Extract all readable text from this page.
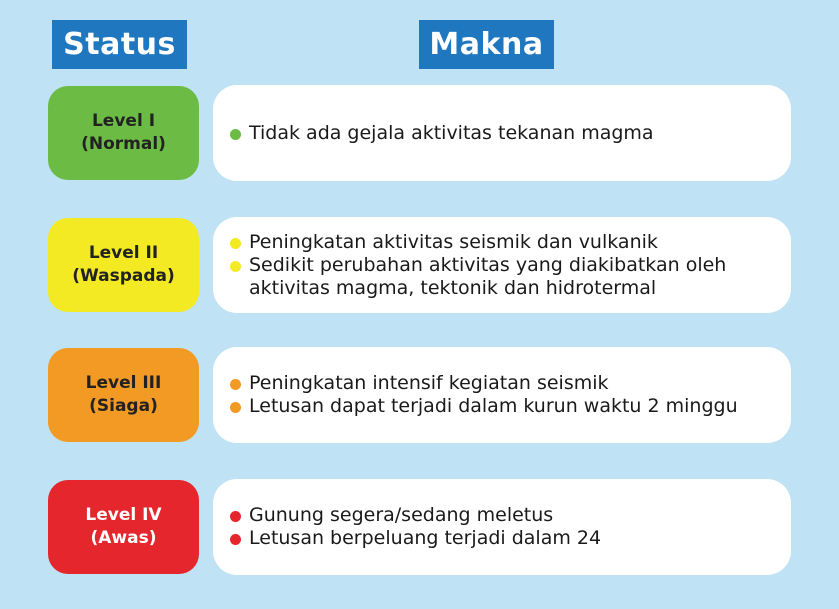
Status	Makna
Level I
(Normal)
Tidak ada gejala aktivitas tekanan magma
Level II
(Waspada)
Peningkatan aktivitas seismik dan vulkanik
Sedikit perubahan aktivitas yang diakibatkan oleh aktivitas magma, tektonik dan hidrotermal
Level III
(Siaga)
Peningkatan intensif kegiatan seismik
Letusan dapat terjadi dalam kurun waktu 2 minggu
Level IV
(Awas)
Gunung segera/sedang meletus
Letusan berpeluang terjadi dalam 24
